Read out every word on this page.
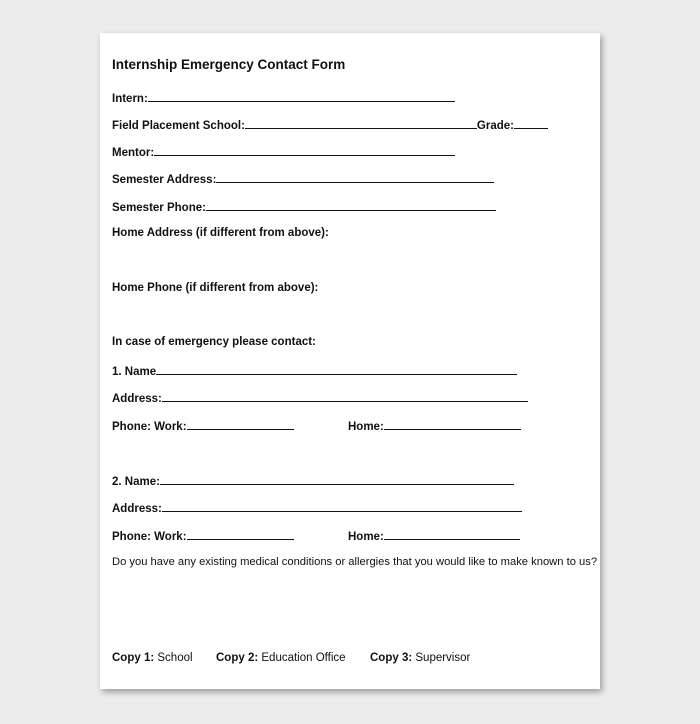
Internship Emergency Contact Form
Intern:
Field Placement School:	Grade:
Mentor:
Semester Address:
Semester Phone:
Home Address (if different from above):
Home Phone (if different from above):
In case of emergency please contact:
1. Name
Address:
Phone: Work:	Home:
2. Name:
Address:
Phone: Work:	Home:
Do you have any existing medical conditions or allergies that you would like to make known to us?
Copy 1: School Copy 2: Education Office Copy 3: Supervisor
